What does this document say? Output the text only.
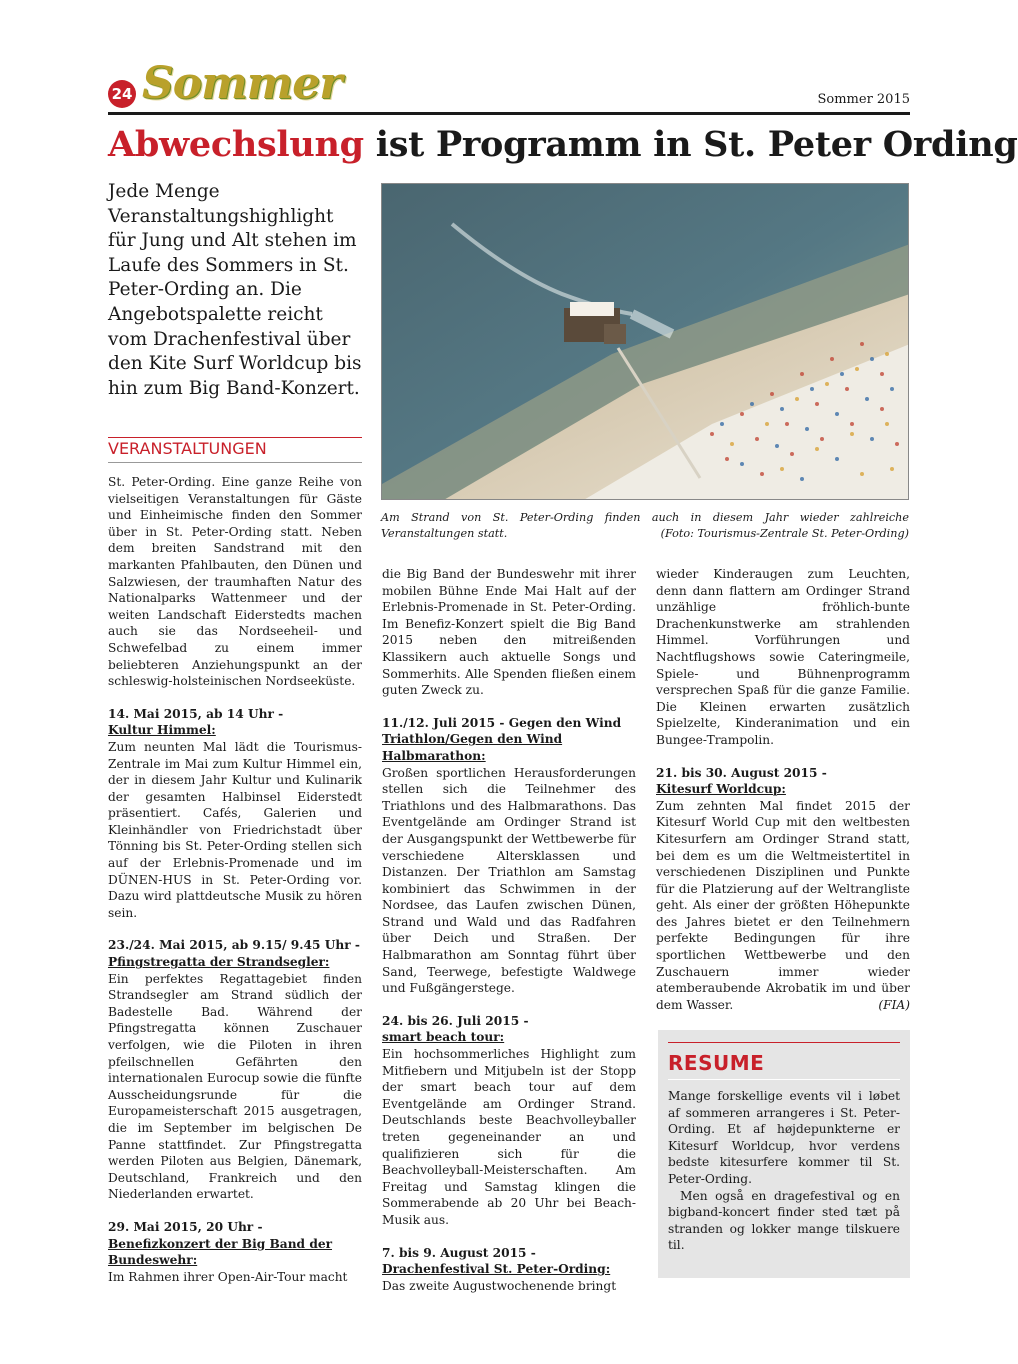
24 Sommer	Sommer 2015
Abwechslung ist Programm in St. Peter Ording

Jede Menge Veranstaltungshighlight für Jung und Alt stehen im Laufe des Sommers in St. Peter-Ording an. Die Angebotspalette reicht vom Drachenfestival über den Kite Surf Worldcup bis hin zum Big Band-Konzert.

VERANSTALTUNGEN
Am Strand von St. Peter-Ording finden auch in diesem Jahr wieder zahlreiche Veranstaltungen statt.	(Foto: Tourismus-Zentrale St. Peter-Ording)

St. Peter-Ording. Eine ganze Reihe von vielseitigen Veranstaltungen für Gäste und Einheimische finden den Sommer über in St. Peter-Ording statt. Neben dem breiten Sandstrand mit den markanten Pfahlbauten, den Dünen und Salzwiesen, der traumhaften Natur des Nationalparks Wattenmeer und der weiten Landschaft Eiderstedts machen auch sie das Nordseeheil- und Schwefelbad zu einem immer beliebteren Anziehungspunkt an der schleswig-holsteinischen Nordseeküste.

14. Mai 2015, ab 14 Uhr -
Kultur Himmel:
Zum neunten Mal lädt die Tourismus-Zentrale im Mai zum Kultur Himmel ein, der in diesem Jahr Kultur und Kulinarik der gesamten Halbinsel Eiderstedt präsentiert. Cafés, Galerien und Kleinhändler von Friedrichstadt über Tönning bis St. Peter-Ording stellen sich auf der Erlebnis-Promenade und im DÜNEN-HUS in St. Peter-Ording vor. Dazu wird plattdeutsche Musik zu hören sein.

23./24. Mai 2015, ab 9.15/ 9.45 Uhr -
Pfingstregatta der Strandsegler:
Ein perfektes Regattagebiet finden Strandsegler am Strand südlich der Badestelle Bad. Während der Pfingstregatta können Zuschauer verfolgen, wie die Piloten in ihren pfeilschnellen Gefährten den internationalen Eurocup sowie die fünfte Ausscheidungsrunde für die Europameisterschaft 2015 ausgetragen, die im September im belgischen De Panne stattfindet. Zur Pfingstregatta werden Piloten aus Belgien, Dänemark, Deutschland, Frankreich und den Niederlanden erwartet.

29. Mai 2015, 20 Uhr -
Benefizkonzert der Big Band der Bundeswehr:
Im Rahmen ihrer Open-Air-Tour macht

die Big Band der Bundeswehr mit ihrer mobilen Bühne Ende Mai Halt auf der Erlebnis-Promenade in St. Peter-Ording. Im Benefiz-Konzert spielt die Big Band 2015 neben den mitreißenden Klassikern auch aktuelle Songs und Sommerhits. Alle Spenden fließen einem guten Zweck zu.

11./12. Juli 2015 - Gegen den Wind
Triathlon/Gegen den Wind Halbmarathon:
Großen sportlichen Herausforderungen stellen sich die Teilnehmer des Triathlons und des Halbmarathons. Das Eventgelände am Ordinger Strand ist der Ausgangspunkt der Wettbewerbe für verschiedene Altersklassen und Distanzen. Der Triathlon am Samstag kombiniert das Schwimmen in der Nordsee, das Laufen zwischen Dünen, Strand und Wald und das Radfahren über Deich und Straßen. Der Halbmarathon am Sonntag führt über Sand, Teerwege, befestigte Waldwege und Fußgängerstege.

24. bis 26. Juli 2015 -
smart beach tour:
Ein hochsommerliches Highlight zum Mitfiebern und Mitjubeln ist der Stopp der smart beach tour auf dem Eventgelände am Ordinger Strand. Deutschlands beste Beachvolleyballer treten gegeneinander an und qualifizieren sich für die Beachvolleyball-Meisterschaften. Am Freitag und Samstag klingen die Sommerabende ab 20 Uhr bei Beach-Musik aus.

7. bis 9. August 2015 -
Drachenfestival St. Peter-Ording:
Das zweite Augustwochenende bringt

wieder Kinderaugen zum Leuchten, denn dann flattern am Ordinger Strand unzählige fröhlich-bunte Drachenkunstwerke am strahlenden Himmel. Vorführungen und Nachtflugshows sowie Cateringmeile, Spiele- und Bühnenprogramm versprechen Spaß für die ganze Familie. Die Kleinen erwarten zusätzlich Spielzelte, Kinderanimation und ein Bungee-Trampolin.

21. bis 30. August 2015 -
Kitesurf Worldcup:
Zum zehnten Mal findet 2015 der Kitesurf World Cup mit den weltbesten Kitesurfern am Ordinger Strand statt, bei dem es um die Weltmeistertitel in verschiedenen Disziplinen und Punkte für die Platzierung auf der Weltrangliste geht. Als einer der größten Höhepunkte des Jahres bietet er den Teilnehmern perfekte Bedingungen für ihre sportlichen Wettbewerbe und den Zuschauern immer wieder atemberaubende Akrobatik im und über dem Wasser.	(FIA)

RESUME

Mange forskellige events vil i løbet af sommeren arrangeres i St. Peter-Ording. Et af højdepunkterne er Kitesurf Worldcup, hvor verdens bedste kitesurfere kommer til St. Peter-Ording.

Men også en dragefestival og en bigband-koncert finder sted tæt på stranden og lokker mange tilskuere til.
